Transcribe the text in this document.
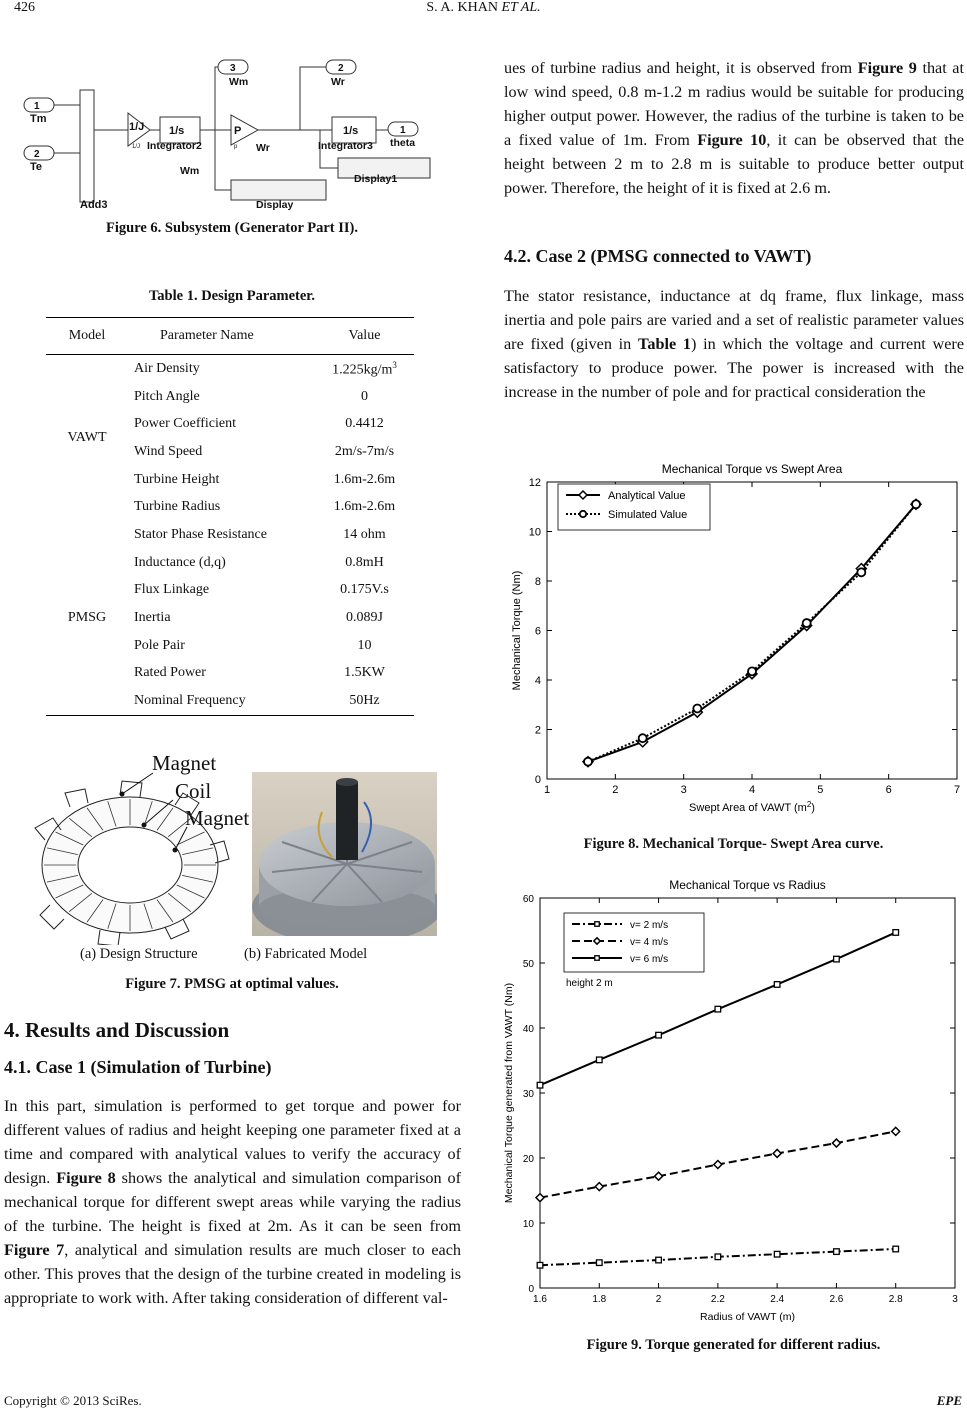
426	S. A. KHAN ET AL.
1
Tm
2
Te
Add3
1/J
1/J
1/s
Integrator2
P
p Wr
Wm
3
Wm
2
Wr
1/s
Integrator3
1
theta
Display
Display1
Figure 6. Subsystem (Generator Part II).
Table 1. Design Parameter.
Model	Parameter Name	Value
VAWT	Air Density	$1.225kg/m^3$
	Pitch Angle	0
	Power Coefficient	0.4412
	Wind Speed	2m/s-7m/s
	Turbine Height	1.6m-2.6m
	Turbine Radius	1.6m-2.6m
PMSG	Stator Phase Resistance	14 ohm
	Inductance (d,q)	0.8mH
	Flux Linkage	0.175V.s
	Inertia	0.089J
	Pole Pair	10
	Rated Power	1.5KW
	Nominal Frequency	50Hz
Magnet
Coil
Magnet
(a) Design Structure	(b) Fabricated Model
Figure 7. PMSG at optimal values.
4. Results and Discussion
4.1. Case 1 (Simulation of Turbine)
In this part, simulation is performed to get torque and power for different values of radius and height keeping one parameter fixed at a time and compared with analytical values to verify the accuracy of design. Figure 8 shows the analytical and simulation comparison of mechanical torque for different swept areas while varying the radius of the turbine. The height is fixed at 2m. As it can be seen from Figure 7, analytical and simulation results are much closer to each other. This proves that the design of the turbine created in modeling is appropriate to work with. After taking consideration of different val-
ues of turbine radius and height, it is observed from Figure 9 that at low wind speed, 0.8 m-1.2 m radius would be suitable for producing higher output power. However, the radius of the turbine is taken to be a fixed value of 1m. From Figure 10, it can be observed that the height between 2 m to 2.8 m is suitable to produce better output power. Therefore, the height of it is fixed at 2.6 m.
4.2. Case 2 (PMSG connected to VAWT)
The stator resistance, inductance at dq frame, flux linkage, mass inertia and pole pairs are varied and a set of realistic parameter values are fixed (given in Table 1) in which the voltage and current were satisfactory to produce power. The power is increased with the increase in the number of pole and for practical consideration the
Mechanical Torque vs Swept Area
1	2	3	4	5	6	7
0
2
4
6
8
10
12
Swept Area of VAWT $(m^2)$
Mechanical Torque (Nm)
Analytical Value
Simulated Value
Figure 8. Mechanical Torque- Swept Area curve.
Mechanical Torque vs Radius
1.6	1.8	2	2.2	2.4	2.6	2.8	3
0
10
20
30
40
50
60
Radius of VAWT (m)
Mechanical Torque generated from VAWT (Nm)
v= 2 m/s
v= 4 m/s
v= 6 m/s
height 2 m
Figure 9. Torque generated for different radius.
Copyright © 2013 SciRes.	EPE
